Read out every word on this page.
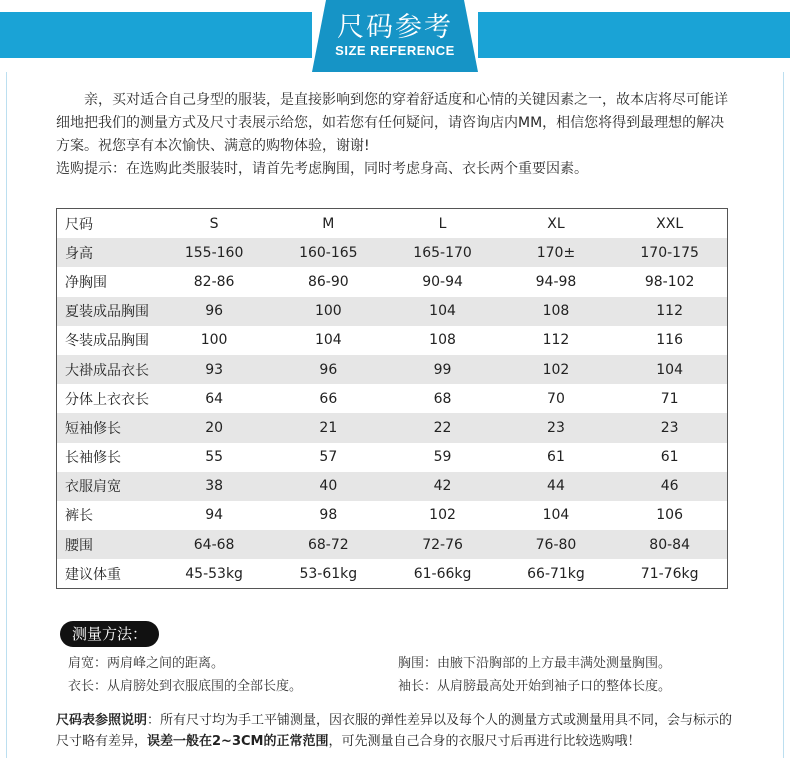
尺码参考
SIZE REFERENCE

亲，买对适合自己身型的服装，是直接影响到您的穿着舒适度和心情的关键因素之一，故本店将尽可能详细地把我们的测量方式及尺寸表展示给您，如若您有任何疑问，请咨询店内MM，相信您将得到最理想的解决方案。祝您享有本次愉快、满意的购物体验，谢谢!

选购提示：在选购此类服装时，请首先考虑胸围，同时考虑身高、衣长两个重要因素。

尺码	S	M	L	XL	XXL
身高	155-160	160-165	165-170	170±	170-175
净胸围	82-86	86-90	90-94	94-98	98-102
夏装成品胸围	96	100	104	108	112
冬装成品胸围	100	104	108	112	116
大褂成品衣长	93	96	99	102	104
分体上衣衣长	64	66	68	70	71
短袖修长	20	21	22	23	23
长袖修长	55	57	59	61	61
衣服肩宽	38	40	42	44	46
裤长	94	98	102	104	106
腰围	64-68	68-72	72-76	76-80	80-84
建议体重	45-53kg	53-61kg	61-66kg	66-71kg	71-76kg
测量方法：
肩宽：两肩峰之间的距离。	胸围：由腋下沿胸部的上方最丰满处测量胸围。
衣长：从肩膀处到衣服底围的全部长度。	袖长：从肩膀最高处开始到袖子口的整体长度。
尺码表参照说明：所有尺寸均为手工平铺测量，因衣服的弹性差异以及每个人的测量方式或测量用具不同，会与标示的尺寸略有差异，误差一般在2~3CM的正常范围，可先测量自己合身的衣服尺寸后再进行比较选购哦！
